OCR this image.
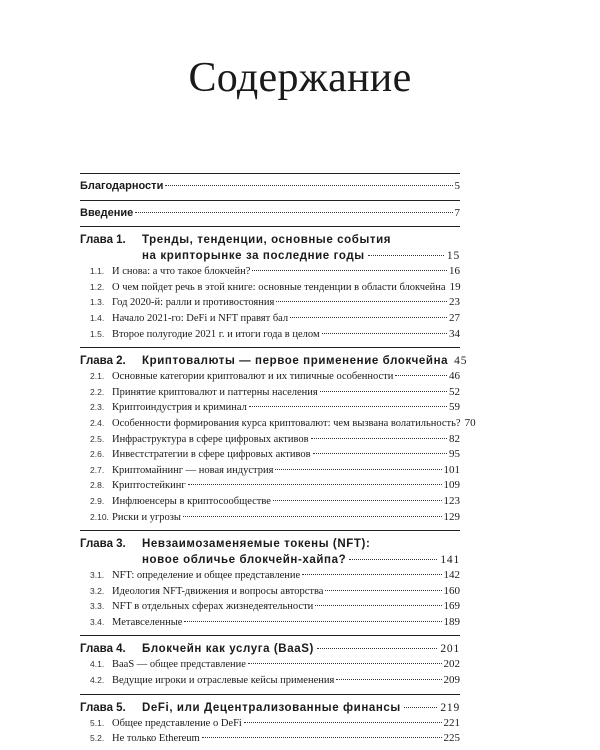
Содержание
Благодарности	5
Введение	7
Глава 1.	Тренды, тенденции, основные события
на крипторынке за последние годы	15
1.1. И снова: а что такое блокчейн?	16
1.2. О чем пойдет речь в этой книге: основные тенденции в области блокчейна 19
1.3. Год 2020-й: ралли и противостояния	23
1.4. Начало 2021-го: DeFi и NFT правят бал	27
1.5. Второе полугодие 2021 г. и итоги года в целом	34
Глава 2.	Криптовалюты — первое применение блокчейна 45
2.1. Основные категории криптовалют и их типичные особенности	46
2.2. Принятие криптовалют и паттерны населения	52
2.3. Криптоиндустрия и криминал	59
2.4. Особенности формирования курса криптовалют: чем вызвана волатильность? 70
2.5. Инфраструктура в сфере цифровых активов	82
2.6. Инвестстратегии в сфере цифровых активов	95
2.7. Криптомайнинг — новая индустрия	101
2.8. Криптостейкинг	109
2.9. Инфлюенсеры в криптосообществе	123
2.10. Риски и угрозы	129
Глава 3.	Невзаимозаменяемые токены (NFT):
новое обличье блокчейн-хайпа?	141
3.1. NFT: определение и общее представление	142
3.2. Идеология NFT-движения и вопросы авторства	160
3.3. NFT в отдельных сферах жизнедеятельности	169
3.4. Метавселенные	189
Глава 4.	Блокчейн как услуга (BaaS)	201
4.1. BaaS — общее представление	202
4.2. Ведущие игроки и отраслевые кейсы применения	209
Глава 5.	DeFi, или Децентрализованные финансы	219
5.1. Общее представление о DeFi	221
5.2. Не только Ethereum	225
